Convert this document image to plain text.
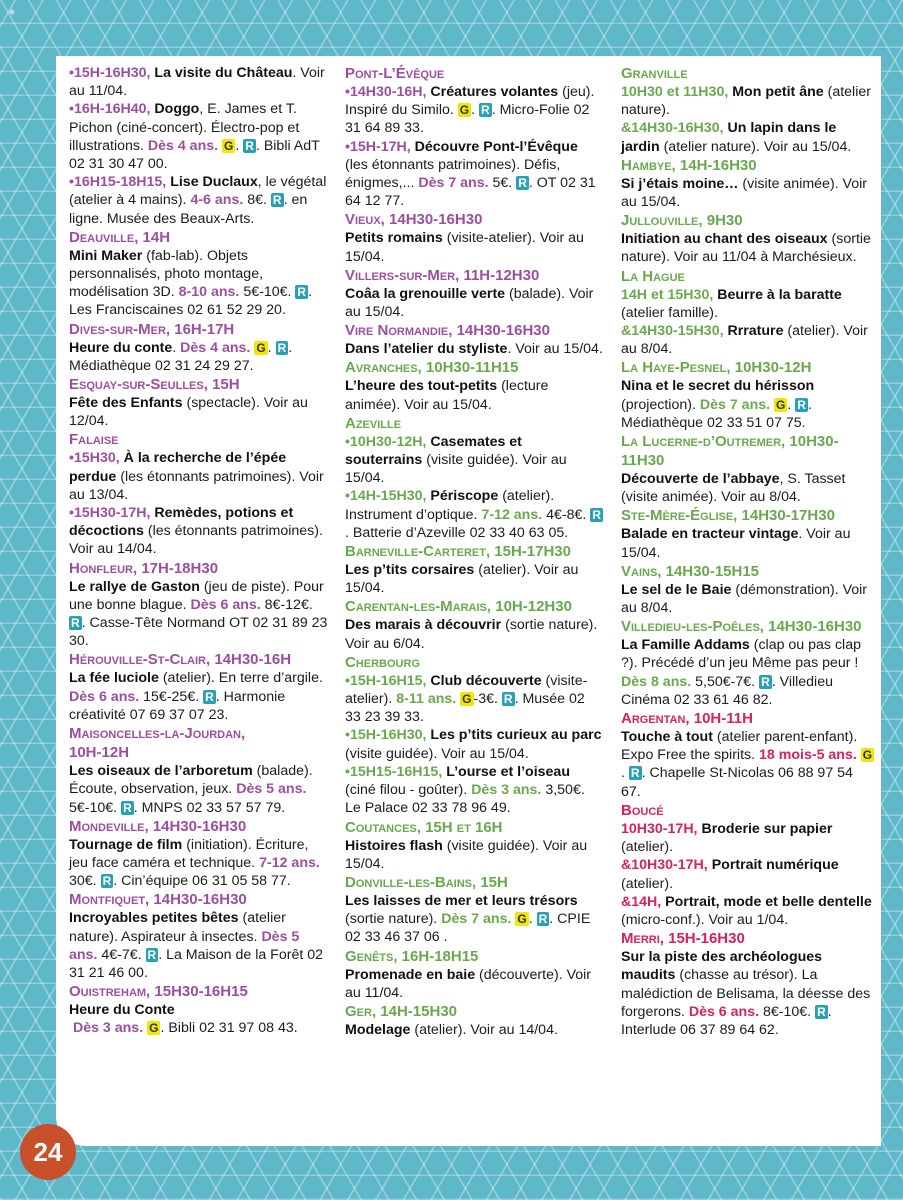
•15H-16H30, La visite du Château. Voir au 11/04.

•16H-16H40, Doggo, E. James et T. Pichon (ciné-concert). Électro-pop et illustrations. Dès 4 ans. G . R . Bibli AdT 02 31 30 47 00.

•16H15-18H15, Lise Duclaux, le végétal (atelier à 4 mains). 4-6 ans. 8€. R . en ligne. Musée des Beaux-Arts.

Deauville, 14H

Mini Maker (fab-lab). Objets personnalisés, photo montage, modélisation 3D. 8-10 ans. 5€-10€. R . Les Franciscaines 02 61 52 29 20.

Dives-sur-Mer, 16H-17H

Heure du conte. Dès 4 ans. G . R . Médiathèque 02 31 24 29 27.

Esquay-sur-Seulles, 15H

Fête des Enfants (spectacle). Voir au 12/04.

Falaise

•15H30, À la recherche de l’épée perdue (les étonnants patrimoines). Voir au 13/04.

•15H30-17H, Remèdes, potions et décoctions (les étonnants patrimoines). Voir au 14/04.

Honfleur, 17H-18H30

Le rallye de Gaston (jeu de piste). Pour une bonne blague. Dès 6 ans. 8€-12€. R . Casse-Tête Normand OT 02 31 89 23 30.

Hérouville-St-Clair, 14H30-16H

La fée luciole (atelier). En terre d’argile. Dès 6 ans. 15€-25€. R . Harmonie créativité 07 69 37 07 23.

Maisoncelles-la-Jourdan,
10H-12H

Les oiseaux de l’arboretum (balade). Écoute, observation, jeux. Dès 5 ans. 5€-10€. R . MNPS 02 33 57 57 79.

Mondeville, 14H30-16H30

Tournage de film (initiation). Écriture, jeu face caméra et technique. 7-12 ans. 30€. R . Cin’équipe 06 31 05 58 77.

Montfiquet, 14H30-16H30

Incroyables petites bêtes (atelier nature). Aspirateur à insectes. Dès 5 ans. 4€-7€. R . La Maison de la Forêt 02 31 21 46 00.

Ouistreham, 15H30-16H15

Heure du Conte
Dès 3 ans. G . Bibli 02 31 97 08 43.

Pont-L’Évêque

•14H30-16H, Créatures volantes (jeu). Inspiré du Similo. G . R . Micro-Folie 02 31 64 89 33.

•15H-17H, Découvre Pont-l’Évêque (les étonnants patrimoines). Défis, énigmes,... Dès 7 ans. 5€. R . OT 02 31 64 12 77.

Vieux, 14H30-16H30

Petits romains (visite-atelier). Voir au 15/04.

Villers-sur-Mer, 11H-12H30

Coâa la grenouille verte (balade). Voir au 15/04.

Vire Normandie, 14H30-16H30

Dans l’atelier du styliste. Voir au 15/04.

Avranches, 10H30-11H15

L’heure des tout-petits (lecture animée). Voir au 15/04.

Azeville

•10H30-12H, Casemates et souterrains (visite guidée). Voir au 15/04.

•14H-15H30, Périscope (atelier). Instrument d’optique. 7-12 ans. 4€-8€. R. Batterie d’Azeville 02 33 40 63 05.

Barneville-Carteret, 15H-17H30

Les p’tits corsaires (atelier). Voir au 15/04.

Carentan-les-Marais, 10H-12H30

Des marais à découvrir (sortie nature). Voir au 6/04.

Cherbourg

•15H-16H15, Club découverte (visite-atelier). 8-11 ans. G -3€. R . Musée 02 33 23 39 33.

•15H-16H30, Les p’tits curieux au parc (visite guidée). Voir au 15/04.

•15H15-16H15, L’ourse et l’oiseau (ciné filou - goûter). Dès 3 ans. 3,50€. Le Palace 02 33 78 96 49.

Coutances, 15H et 16H

Histoires flash (visite guidée). Voir au 15/04.

Donville-les-Bains, 15H

Les laisses de mer et leurs trésors (sortie nature). Dès 7 ans. G . R . CPIE 02 33 46 37 06 .

Genêts, 16H-18H15

Promenade en baie (découverte). Voir au 11/04.

Ger, 14H-15H30

Modelage (atelier). Voir au 14/04.

Granville

10H30 et 11H30, Mon petit âne (atelier nature).

&14H30-16H30, Un lapin dans le jardin (atelier nature). Voir au 15/04.

Hambye, 14H-16H30

Si j’étais moine… (visite animée). Voir au 15/04.

Jullouville, 9H30

Initiation au chant des oiseaux (sortie nature). Voir au 11/04 à Marchésieux.

La Hague

14H et 15H30, Beurre à la baratte (atelier famille).

&14H30-15H30, Rrrature (atelier). Voir au 8/04.

La Haye-Pesnel, 10H30-12H

Nina et le secret du hérisson (projection). Dès 7 ans. G . R . Médiathèque 02 33 51 07 75.

La Lucerne-d’Outremer, 10H30-
11H30

Découverte de l’abbaye, S. Tasset (visite animée). Voir au 8/04.

Ste-Mère-Église, 14H30-17H30

Balade en tracteur vintage. Voir au 15/04.

Vains, 14H30-15H15

Le sel de le Baie (démonstration). Voir au 8/04.

Villedieu-les-Poêles, 14H30-16H30

La Famille Addams (clap ou pas clap ?). Précédé d’un jeu Même pas peur ! Dès 8 ans. 5,50€-7€. R . Villedieu Cinéma 02 33 61 46 82.

Argentan, 10H-11H

Touche à tout (atelier parent-enfant). Expo Free the spirits. 18 mois-5 ans. G. R . Chapelle St-Nicolas 06 88 97 54 67.

Boucé

10H30-17H, Broderie sur papier (atelier).

&10H30-17H, Portrait numérique (atelier).

&14H, Portrait, mode et belle dentelle (micro-conf.). Voir au 1/04.

Merri, 15H-16H30

Sur la piste des archéologues maudits (chasse au trésor). La malédiction de Belisama, la déesse des forgerons. Dès 6 ans. 8€-10€. R . Interlude 06 37 89 64 62.

24
